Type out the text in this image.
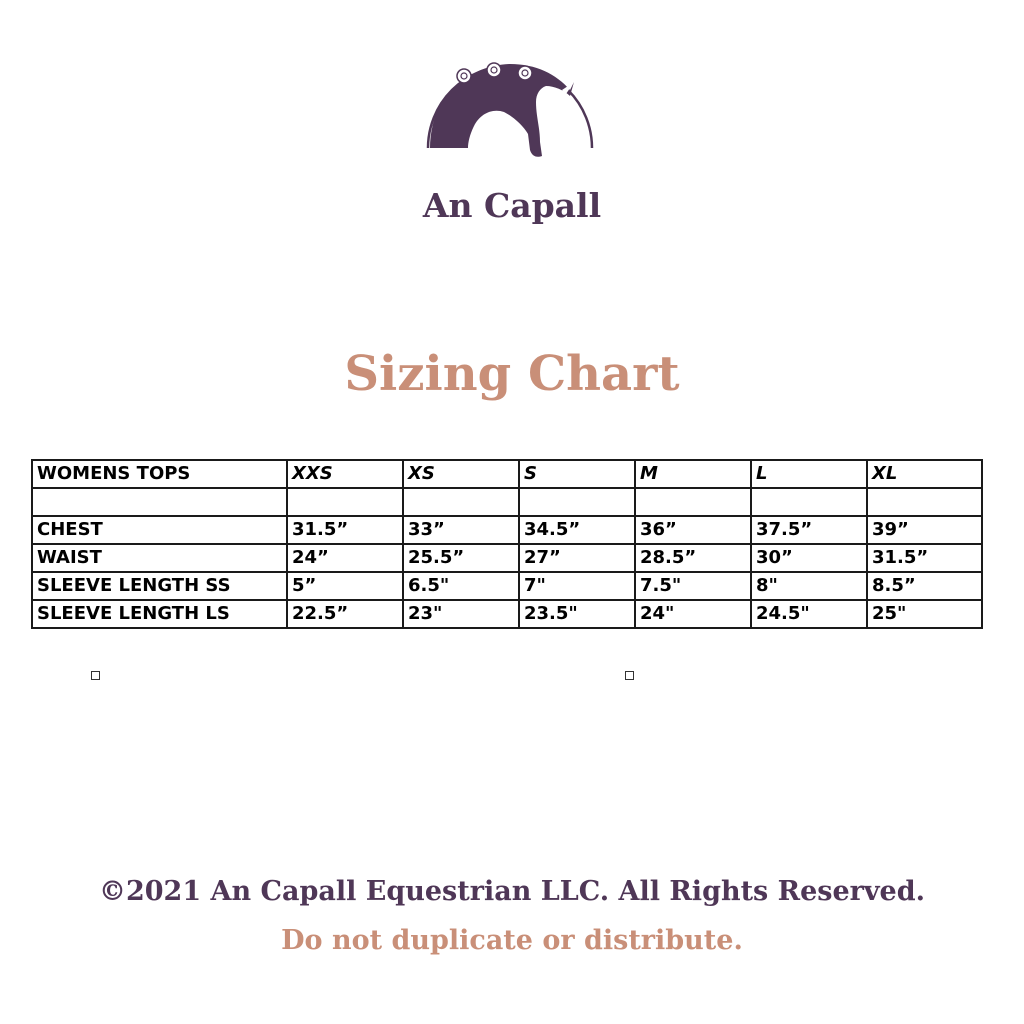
An Capall
Sizing Chart
WOMENS TOPS	XXS	XS	S	M	L	XL

CHEST	31.5”	33”	34.5”	36”	37.5”	39”
WAIST	24”	25.5”	27”	28.5”	30”	31.5”
SLEEVE LENGTH SS	5”	6.5"	7"	7.5"	8"	8.5”
SLEEVE LENGTH LS	22.5”	23"	23.5"	24"	24.5"	25"
©2021 An Capall Equestrian LLC. All Rights Reserved.
Do not duplicate or distribute.
